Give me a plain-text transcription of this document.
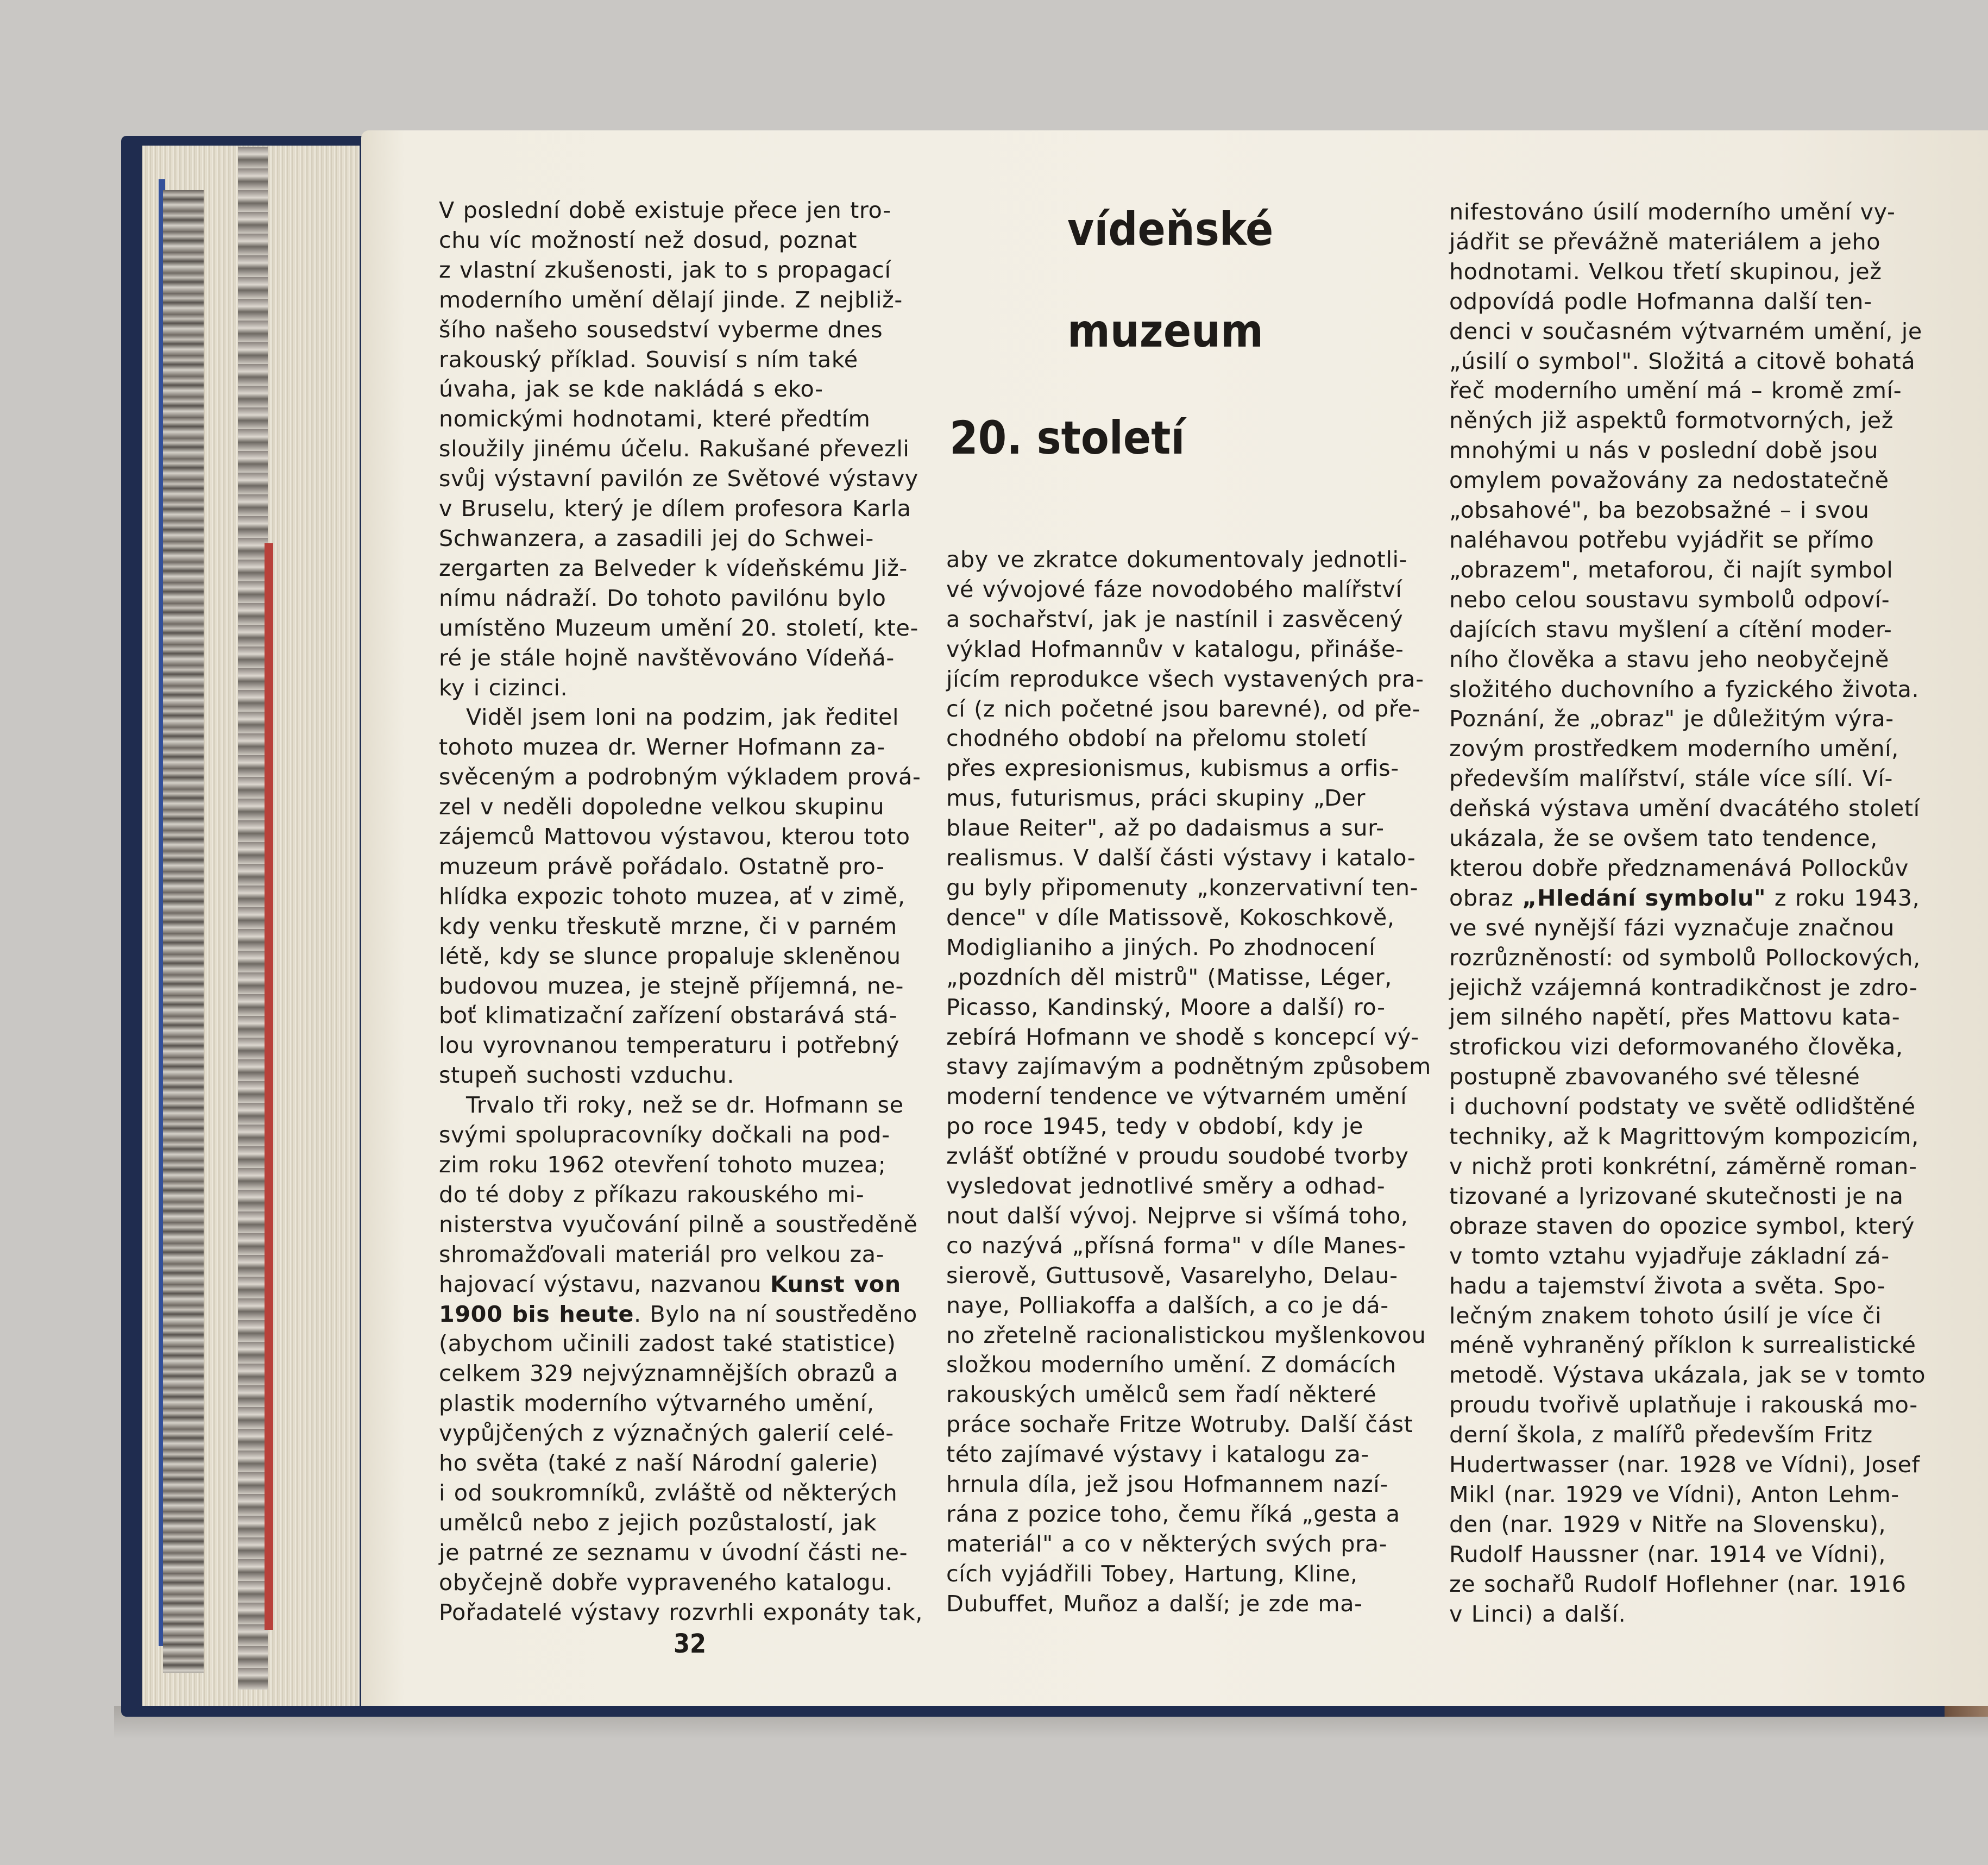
vídeňské
muzeum
20. století

V poslední době existuje přece jen tro-

chu víc možností než dosud, poznat

z vlastní zkušenosti, jak to s propagací

moderního umění dělají jinde. Z nejbliž-

šího našeho sousedství vyberme dnes

rakouský příklad. Souvisí s ním také

úvaha, jak se kde nakládá s eko-

nomickými hodnotami, které předtím

sloužily jinému účelu. Rakušané převezli

svůj výstavní pavilón ze Světové výstavy

v Bruselu, který je dílem profesora Karla

Schwanzera, a zasadili jej do Schwei-

zergarten za Belveder k vídeňskému Již-

nímu nádraží. Do tohoto pavilónu bylo

umístěno Muzeum umění 20. století, kte-

ré je stále hojně navštěvováno Vídeňá-

ky i cizinci.

Viděl jsem loni na podzim, jak ředitel

tohoto muzea dr. Werner Hofmann za-

svěceným a podrobným výkladem prová-

zel v neděli dopoledne velkou skupinu

zájemců Mattovou výstavou, kterou toto

muzeum právě pořádalo. Ostatně pro-

hlídka expozic tohoto muzea, ať v zimě,

kdy venku třeskutě mrzne, či v parném

létě, kdy se slunce propaluje skleněnou

budovou muzea, je stejně příjemná, ne-

boť klimatizační zařízení obstarává stá-

lou vyrovnanou temperaturu i potřebný

stupeň suchosti vzduchu.

Trvalo tři roky, než se dr. Hofmann se

svými spolupracovníky dočkali na pod-

zim roku 1962 otevření tohoto muzea;

do té doby z příkazu rakouského mi-

nisterstva vyučování pilně a soustředěně

shromažďovali materiál pro velkou za-

hajovací výstavu, nazvanou Kunst von

1900 bis heute. Bylo na ní soustředěno

(abychom učinili zadost také statistice)

celkem 329 nejvýznamnějších obrazů a

plastik moderního výtvarného umění,

vypůjčených z význačných galerií celé-

ho světa (také z naší Národní galerie)

i od soukromníků, zvláště od některých

umělců nebo z jejich pozůstalostí, jak

je patrné ze seznamu v úvodní části ne-

obyčejně dobře vypraveného katalogu.

Pořadatelé výstavy rozvrhli exponáty tak,

aby ve zkratce dokumentovaly jednotli-

vé vývojové fáze novodobého malířství

a sochařství, jak je nastínil i zasvěcený

výklad Hofmannův v katalogu, přináše-

jícím reprodukce všech vystavených pra-

cí (z nich početné jsou barevné), od pře-

chodného období na přelomu století

přes expresionismus, kubismus a orfis-

mus, futurismus, práci skupiny „Der

blaue Reiter", až po dadaismus a sur-

realismus. V další části výstavy i katalo-

gu byly připomenuty „konzervativní ten-

dence" v díle Matissově, Kokoschkově,

Modiglianiho a jiných. Po zhodnocení

„pozdních děl mistrů" (Matisse, Léger,

Picasso, Kandinský, Moore a další) ro-

zebírá Hofmann ve shodě s koncepcí vý-

stavy zajímavým a podnětným způsobem

moderní tendence ve výtvarném umění

po roce 1945, tedy v období, kdy je

zvlášť obtížné v proudu soudobé tvorby

vysledovat jednotlivé směry a odhad-

nout další vývoj. Nejprve si všímá toho,

co nazývá „přísná forma" v díle Manes-

sierově, Guttusově, Vasarelyho, Delau-

naye, Polliakoffa a dalších, a co je dá-

no zřetelně racionalistickou myšlenkovou

složkou moderního umění. Z domácích

rakouských umělců sem řadí některé

práce sochaře Fritze Wotruby. Další část

této zajímavé výstavy i katalogu za-

hrnula díla, jež jsou Hofmannem nazí-

rána z pozice toho, čemu říká „gesta a

materiál" a co v některých svých pra-

cích vyjádřili Tobey, Hartung, Kline,

Dubuffet, Muñoz a další; je zde ma-

nifestováno úsilí moderního umění vy-

jádřit se převážně materiálem a jeho

hodnotami. Velkou třetí skupinou, jež

odpovídá podle Hofmanna další ten-

denci v současném výtvarném umění, je

„úsilí o symbol". Složitá a citově bohatá

řeč moderního umění má – kromě zmí-

něných již aspektů formotvorných, jež

mnohými u nás v poslední době jsou

omylem považovány za nedostatečně

„obsahové", ba bezobsažné – i svou

naléhavou potřebu vyjádřit se přímo

„obrazem", metaforou, či najít symbol

nebo celou soustavu symbolů odpoví-

dajících stavu myšlení a cítění moder-

ního člověka a stavu jeho neobyčejně

složitého duchovního a fyzického života.

Poznání, že „obraz" je důležitým výra-

zovým prostředkem moderního umění,

především malířství, stále více sílí. Ví-

deňská výstava umění dvacátého století

ukázala, že se ovšem tato tendence,

kterou dobře předznamenává Pollockův

obraz „Hledání symbolu" z roku 1943,

ve své nynější fázi vyznačuje značnou

rozrůzněností: od symbolů Pollockových,

jejichž vzájemná kontradikčnost je zdro-

jem silného napětí, přes Mattovu kata-

strofickou vizi deformovaného člověka,

postupně zbavovaného své tělesné

i duchovní podstaty ve světě odlidštěné

techniky, až k Magrittovým kompozicím,

v nichž proti konkrétní, záměrně roman-

tizované a lyrizované skutečnosti je na

obraze staven do opozice symbol, který

v tomto vztahu vyjadřuje základní zá-

hadu a tajemství života a světa. Spo-

lečným znakem tohoto úsilí je více či

méně vyhraněný příklon k surrealistické

metodě. Výstava ukázala, jak se v tomto

proudu tvořivě uplatňuje i rakouská mo-

derní škola, z malířů především Fritz

Hudertwasser (nar. 1928 ve Vídni), Josef

Mikl (nar. 1929 ve Vídni), Anton Lehm-

den (nar. 1929 v Nitře na Slovensku),

Rudolf Haussner (nar. 1914 ve Vídni),

ze sochařů Rudolf Hoflehner (nar. 1916

v Linci) a další.

32
